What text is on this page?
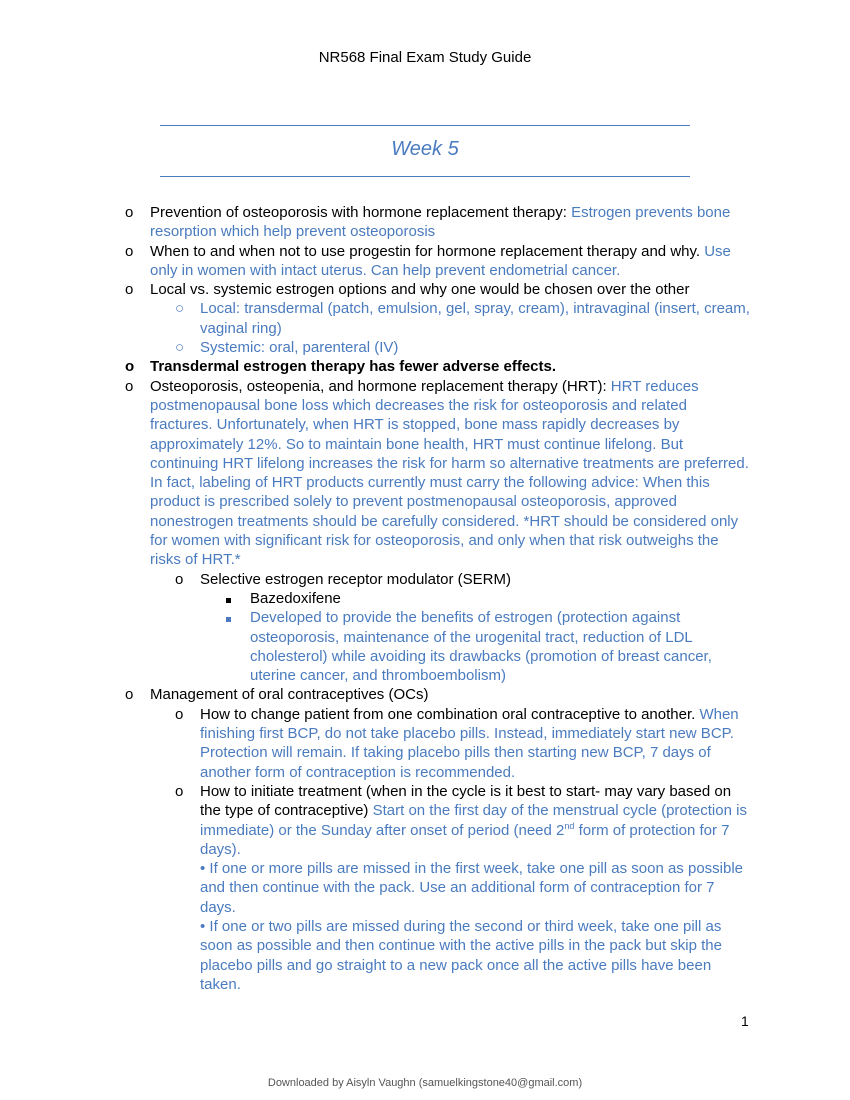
NR568 Final Exam Study Guide
Week 5
o Prevention of osteoporosis with hormone replacement therapy: Estrogen prevents bone resorption which help prevent osteoporosis
o When to and when not to use progestin for hormone replacement therapy and why. Use only in women with intact uterus. Can help prevent endometrial cancer.
o Local vs. systemic estrogen options and why one would be chosen over the other
○ Local: transdermal (patch, emulsion, gel, spray, cream), intravaginal (insert, cream, vaginal ring)
○ Systemic: oral, parenteral (IV)
o Transdermal estrogen therapy has fewer adverse effects.
o Osteoporosis, osteopenia, and hormone replacement therapy (HRT): HRT reduces postmenopausal bone loss which decreases the risk for osteoporosis and related fractures. Unfortunately, when HRT is stopped, bone mass rapidly decreases by approximately 12%. So to maintain bone health, HRT must continue lifelong. But continuing HRT lifelong increases the risk for harm so alternative treatments are preferred. In fact, labeling of HRT products currently must carry the following advice: When this product is prescribed solely to prevent postmenopausal osteoporosis, approved nonestrogen treatments should be carefully considered. *HRT should be considered only for women with significant risk for osteoporosis, and only when that risk outweighs the risks of HRT.*
o Selective estrogen receptor modulator (SERM)
Bazedoxifene
Developed to provide the benefits of estrogen (protection against osteoporosis, maintenance of the urogenital tract, reduction of LDL cholesterol) while avoiding its drawbacks (promotion of breast cancer, uterine cancer, and thromboembolism)
o Management of oral contraceptives (OCs)
o How to change patient from one combination oral contraceptive to another. When finishing first BCP, do not take placebo pills. Instead, immediately start new BCP. Protection will remain. If taking placebo pills then starting new BCP, 7 days of another form of contraception is recommended.
o How to initiate treatment (when in the cycle is it best to start- may vary based on the type of contraceptive) Start on the first day of the menstrual cycle (protection is immediate) or the Sunday after onset of period (need 2nd form of protection for 7 days).
• If one or more pills are missed in the first week, take one pill as soon as possible and then continue with the pack. Use an additional form of contraception for 7 days.
• If one or two pills are missed during the second or third week, take one pill as soon as possible and then continue with the active pills in the pack but skip the placebo pills and go straight to a new pack once all the active pills have been taken.
1
Downloaded by Aisyln Vaughn (samuelkingstone40@gmail.com)
